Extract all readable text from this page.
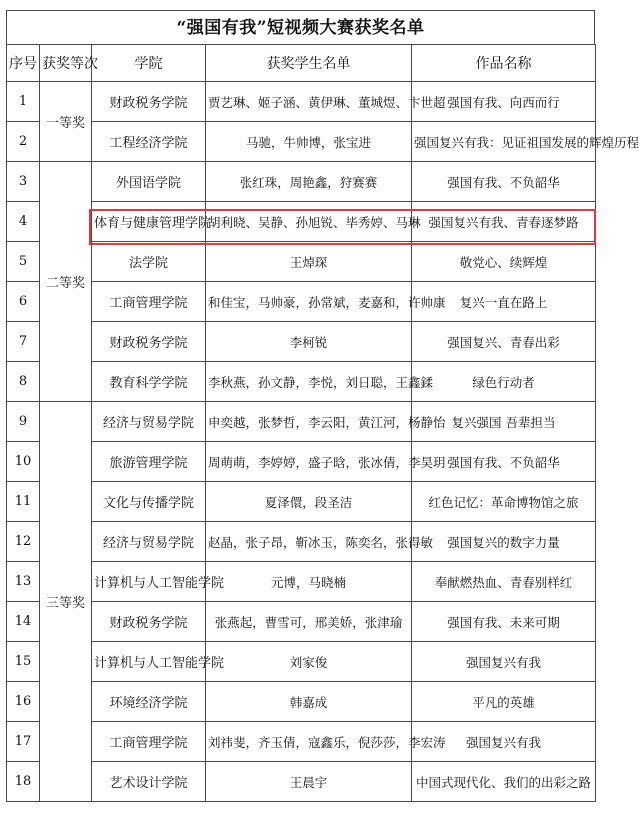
“强国有我”短视频大赛获奖名单
序号	获奖等次	学院	获奖学生名单	作品名称
1	一等奖	财政税务学院	贾艺琳、姬子涵、黄伊琳、董城煜、卞世超	强国有我、向西而行
2		工程经济学院	马驰，牛帅博，张宝进	强国复兴有我：见证祖国发展的辉煌历程
3	二等奖	外国语学院	张红珠，周艳鑫，狩赛赛	强国有我、不负韶华
4		体育与健康管理学院	胡利晓、吴静、孙旭锐、毕秀婷、马琳	强国复兴有我、青春逐梦路
5		法学院	王焯琛	敬党心、续辉煌
6		工商管理学院	和佳宝，马帅豪，孙常斌，麦嘉和，许帅康	复兴一直在路上
7		财政税务学院	李柯锐	强国复兴、青春出彩
8		教育科学学院	李秋燕，孙文静，李悦，刘日聪，王鑫鍒	绿色行动者
9	三等奖	经济与贸易学院	申奕越，张梦哲，李云阳，黄江河，杨静怡	复兴强国 吾辈担当
10		旅游管理学院	周萌萌，李婷婷，盛子晗，张冰倩，李昊玥	强国有我、不负韶华
11		文化与传播学院	夏泽儇，段圣洁	红色记忆：革命博物馆之旅
12		经济与贸易学院	赵晶，张子昂，靳冰玉，陈奕名，张得敏	强国复兴的数字力量
13		计算机与人工智能学院	元博，马晓楠	奉献燃热血、青春别样红
14		财政税务学院	张燕起，曹雪可，邢美娇，张津瑜	强国有我、未来可期
15		计算机与人工智能学院	刘家俊	强国复兴有我
16		环境经济学院	韩嘉成	平凡的英雄
17		工商管理学院	刘祎斐，齐玉倩，寇鑫乐，倪莎莎，李宏涛	强国复兴有我
18		艺术设计学院	王晨宇	中国式现代化、我们的出彩之路
